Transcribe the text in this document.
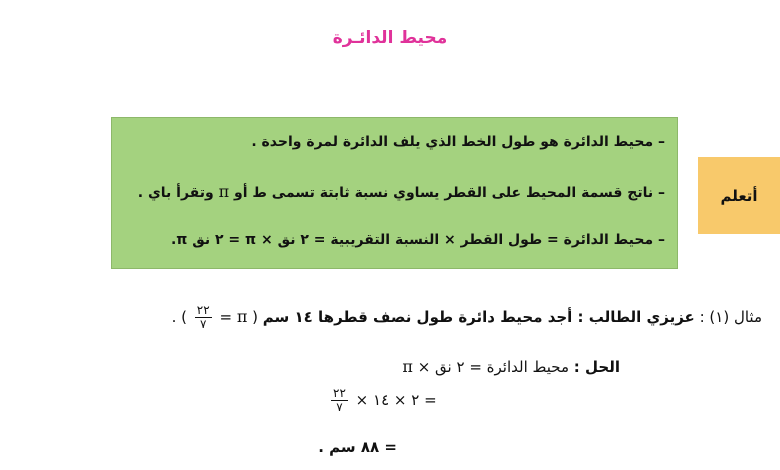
محيط الدائـرة
– محيط الدائرة هو طول الخط الذي يلف الدائرة لمرة واحدة .
– ناتج قسمة المحيط على القطر يساوي نسبة ثابتة تسمى ط أو π وتقرأ باي .
– محيط الدائرة = طول القطر × النسبة التقريبية = ٢ نق × π = ٢ نق π.
أتعلم
مثال (١) : عزيزي الطالب : أجد محيط دائرة طول نصف قطرها ١٤ سم ( π =
$\frac{٢٢}{٧}$
) .
الحل : محيط الدائرة = ٢ نق × π
$\frac{٢٢}{٧}$ = ٢ × ١٤ ×
= ٨٨ سم .
